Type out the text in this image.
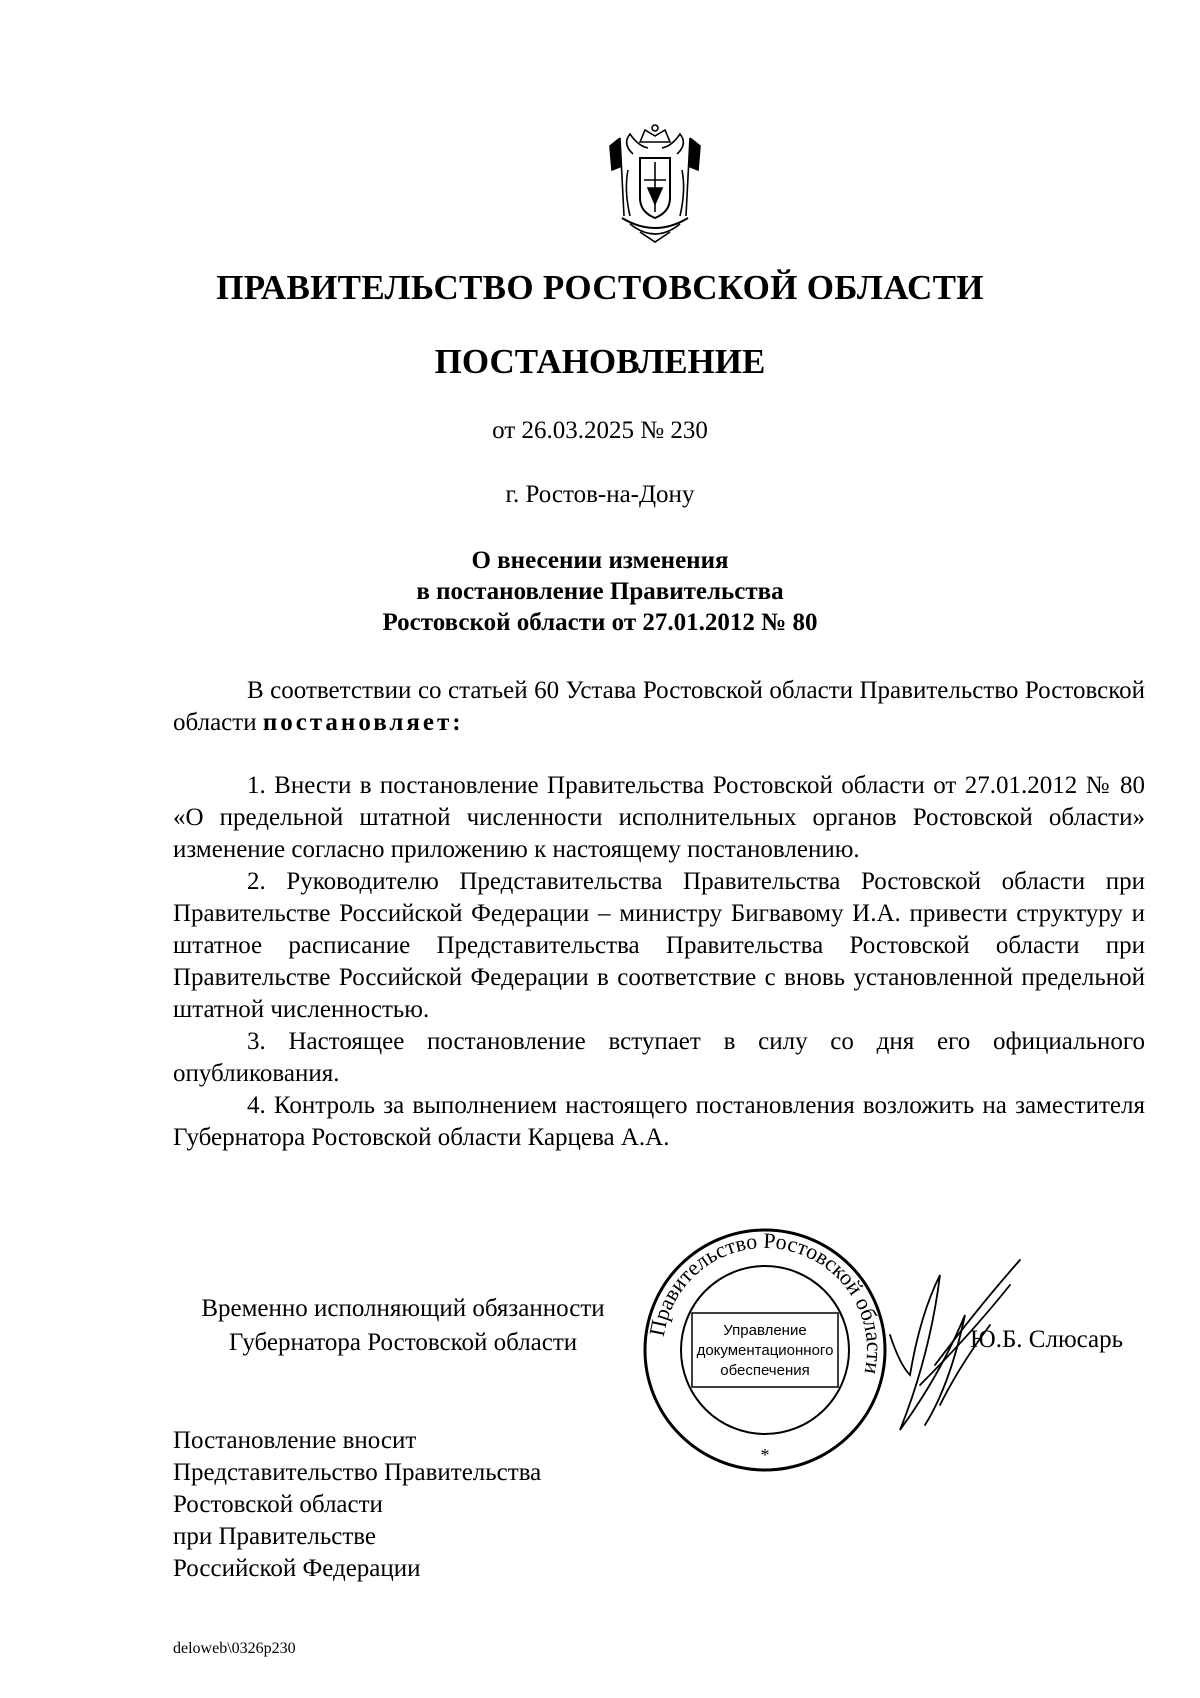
ПРАВИТЕЛЬСТВО РОСТОВСКОЙ ОБЛАСТИ
ПОСТАНОВЛЕНИЕ
от 26.03.2025 № 230
г. Ростов-на-Дону
О внесении изменения
в постановление Правительства
Ростовской области от 27.01.2012 № 80

В соответствии со статьей 60 Устава Ростовской области Правительство Ростовской области постановляет:

1. Внести в постановление Правительства Ростовской области от 27.01.2012 № 80 «О предельной штатной численности исполнительных органов Ростовской области» изменение согласно приложению к настоящему постановлению.

2. Руководителю Представительства Правительства Ростовской области при Правительстве Российской Федерации – министру Бигвавому И.А. привести структуру и штатное расписание Представительства Правительства Ростовской области при Правительстве Российской Федерации в соответствие с вновь установленной предельной штатной численностью.

3. Настоящее постановление вступает в силу со дня его официального опубликования.

4. Контроль за выполнением настоящего постановления возложить на заместителя Губернатора Ростовской области Карцева А.А.

Временно исполняющий обязанности
Губернатора Ростовской области
Правительство Ростовской области
Управление
документационного
обеспечения
*
Ю.Б. Слюсарь
Постановление вносит
Представительство Правительства
Ростовской области
при Правительстве
Российской Федерации
deloweb\0326p230
